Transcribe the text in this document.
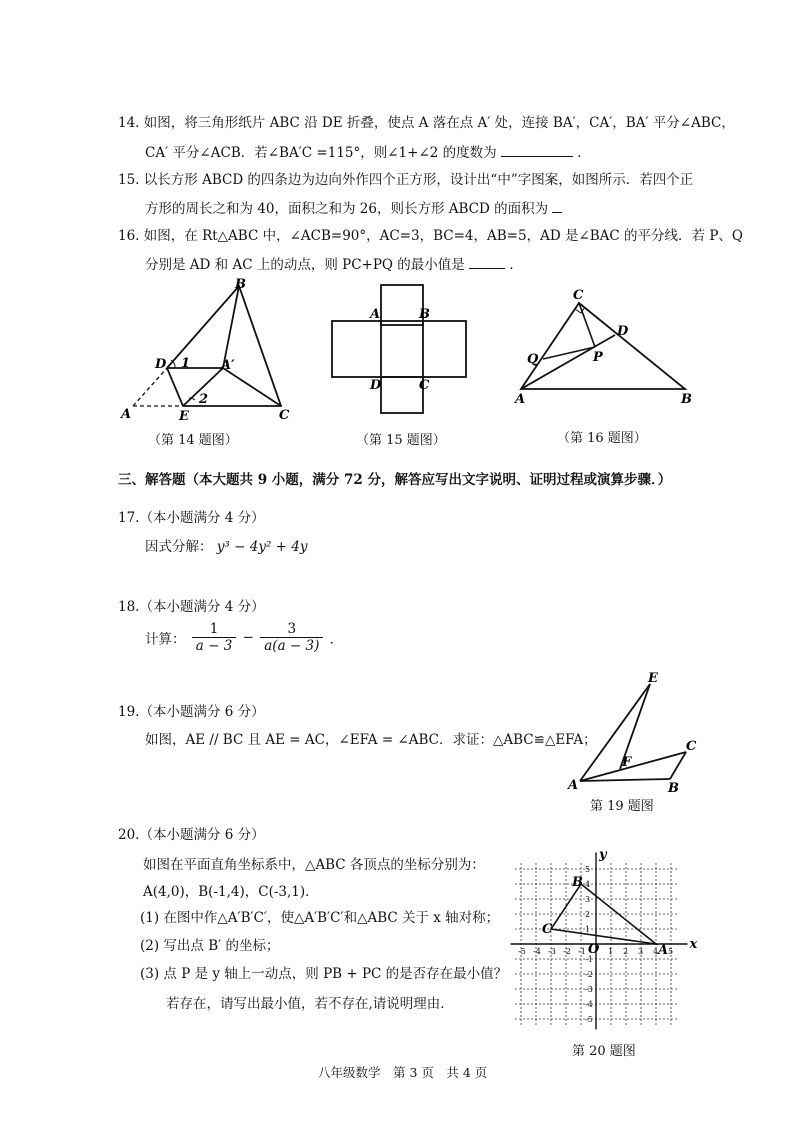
14. 如图，将三角形纸片 ABC 沿 DE 折叠，使点 A 落在点 A′ 处，连接 BA′，CA′，BA′ 平分∠ABC，
CA′ 平分∠ACB．若∠BA′C =115°，则∠1+∠2 的度数为	．
15. 以长方形 ABCD 的四条边为边向外作四个正方形，设计出“中”字图案，如图所示．若四个正
方形的周长之和为 40，面积之和为 26，则长方形 ABCD 的面积为
16. 如图，在 Rt△ABC 中，∠ACB=90°，AC=3，BC=4，AB=5，AD 是∠BAC 的平分线．若 P、Q
分别是 AD 和 AC 上的动点，则 PC+PQ 的最小值是	．
A
B
C
D
E
A′
1
2
（第 14 题图）
A	B
D	C
（第 15 题图）
A	B
C
D
P
Q
（第 16 题图）
三、解答题（本大题共 9 小题，满分 72 分，解答应写出文字说明、证明过程或演算步骤．）
17.（本小题满分 4 分）
因式分解： y³ − 4y² + 4y
18.（本小题满分 4 分）
计算： $\frac{1}{a - 3} - \frac{3}{a(a - 3)}$ ．
19.（本小题满分 6 分）
如图，AE // BC 且 AE = AC，∠EFA = ∠ABC．求证：△ABC≌△EFA；
A	B
C
E
F
第 19 题图
20.（本小题满分 6 分）
如图在平面直角坐标系中，△ABC 各顶点的坐标分别为：
A(4,0)，B(-1,4)，C(-3,1)．
(1) 在图中作△A′B′C′，使△A′B′C′和△ABC 关于 x 轴对称；
(2) 写出点 B′ 的坐标；
(3) 点 P 是 y 轴上一动点，则 PB + PC 的是否存在最小值？
若存在，请写出最小值，若不存在,请说明理由．
-5 -4 -3 -2 -1	1 2 3 4 5
5
4
3
2
1
-1
-2
-3
-4
-5
A
B
C
x
y
O
第 20 题图
八年级数学　第 3 页　共 4 页
